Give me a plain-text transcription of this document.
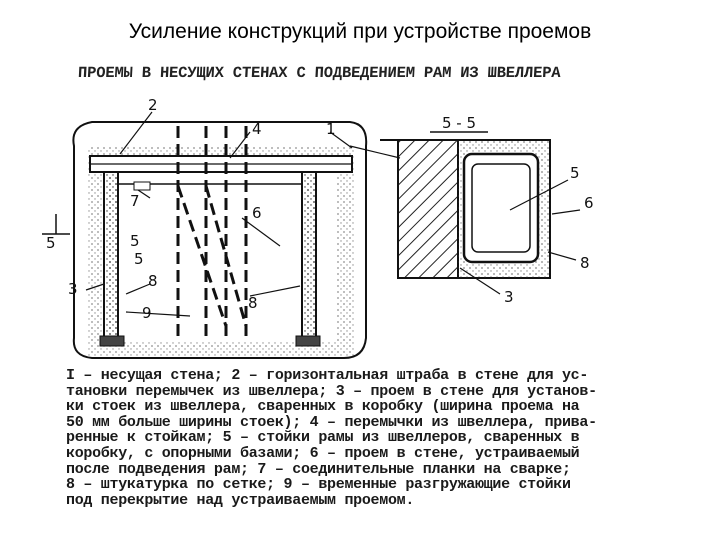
Усиление конструкций при устройстве проемов
ПРОЕМЫ В НЕСУЩИХ СТЕНАХ С ПОДВЕДЕНИЕМ РАМ ИЗ ШВЕЛЛЕРА
2
4	1
7
6
5	5
5
3	8
8
9
5 - 5
5
6
8
3
I – несущая стена; 2 – горизонтальная штраба в стене для ус-
тановки перемычек из швеллера; 3 – проем в стене для установ-
ки стоек из швеллера, сваренных в коробку (ширина проема на
50 мм больше ширины стоек); 4 – перемычки из швеллера, прива-
ренные к стойкам; 5 – стойки рамы из швеллеров, сваренных в
коробку, с опорными базами; 6 – проем в стене, устраиваемый
после подведения рам; 7 – соединительные планки на сварке;
8 – штукатурка по сетке; 9 – временные разгружающие стойки
под перекрытие над устраиваемым проемом.
